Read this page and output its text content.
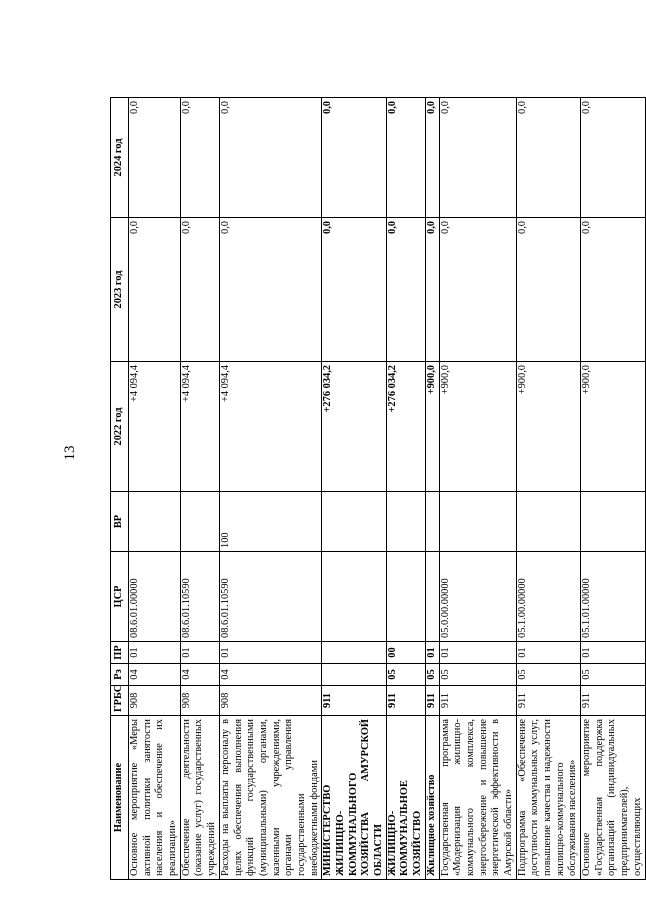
13
Наименование	ГРБС	Рз	ПР	ЦСР	ВР	2022 год	2023 год	2024 год
Основное мероприятие «Меры активной политики занятости населения и обеспечение их реализации»	908	04	01	08.6.01.00000		+4 094,4	0,0	0,0
Обеспечение деятельности (оказание услуг) государственных учреждений	908	04	01	08.6.01.10590		+4 094,4	0,0	0,0
Расходы на выплаты персоналу в целях обеспечения выполнения функций государственными (муниципальными) органами, казенными учреждениями, органами управления государственными внебюджетными фондами	908	04	01	08.6.01.10590	100	+4 094,4	0,0	0,0
МИНИСТЕРСТВО ЖИЛИЩНО-КОММУНАЛЬНОГО ХОЗЯЙСТВА АМУРСКОЙ ОБЛАСТИ	911					+276 034,2	0,0	0,0
ЖИЛИЩНО-КОММУНАЛЬНОЕ ХОЗЯЙСТВО	911	05	00			+276 034,2	0,0	0,0
Жилищное хозяйство	911	05	01			+900,0	0,0	0,0
Государственная программа «Модернизация жилищно-коммунального комплекса, энергосбережение и повышение энергетической эффективности в Амурской области»	911	05	01	05.0.00.00000		+900,0	0,0	0,0
Подпрограмма «Обеспечение доступности коммунальных услуг, повышение качества и надежности жилищно-коммунального обслуживания населения»	911	05	01	05.1.00.00000		+900,0	0,0	0,0
Основное мероприятие «Государственная поддержка организаций (индивидуальных предпринимателей), осуществляющих	911	05	01	05.1.01.00000		+900,0	0,0	0,0
